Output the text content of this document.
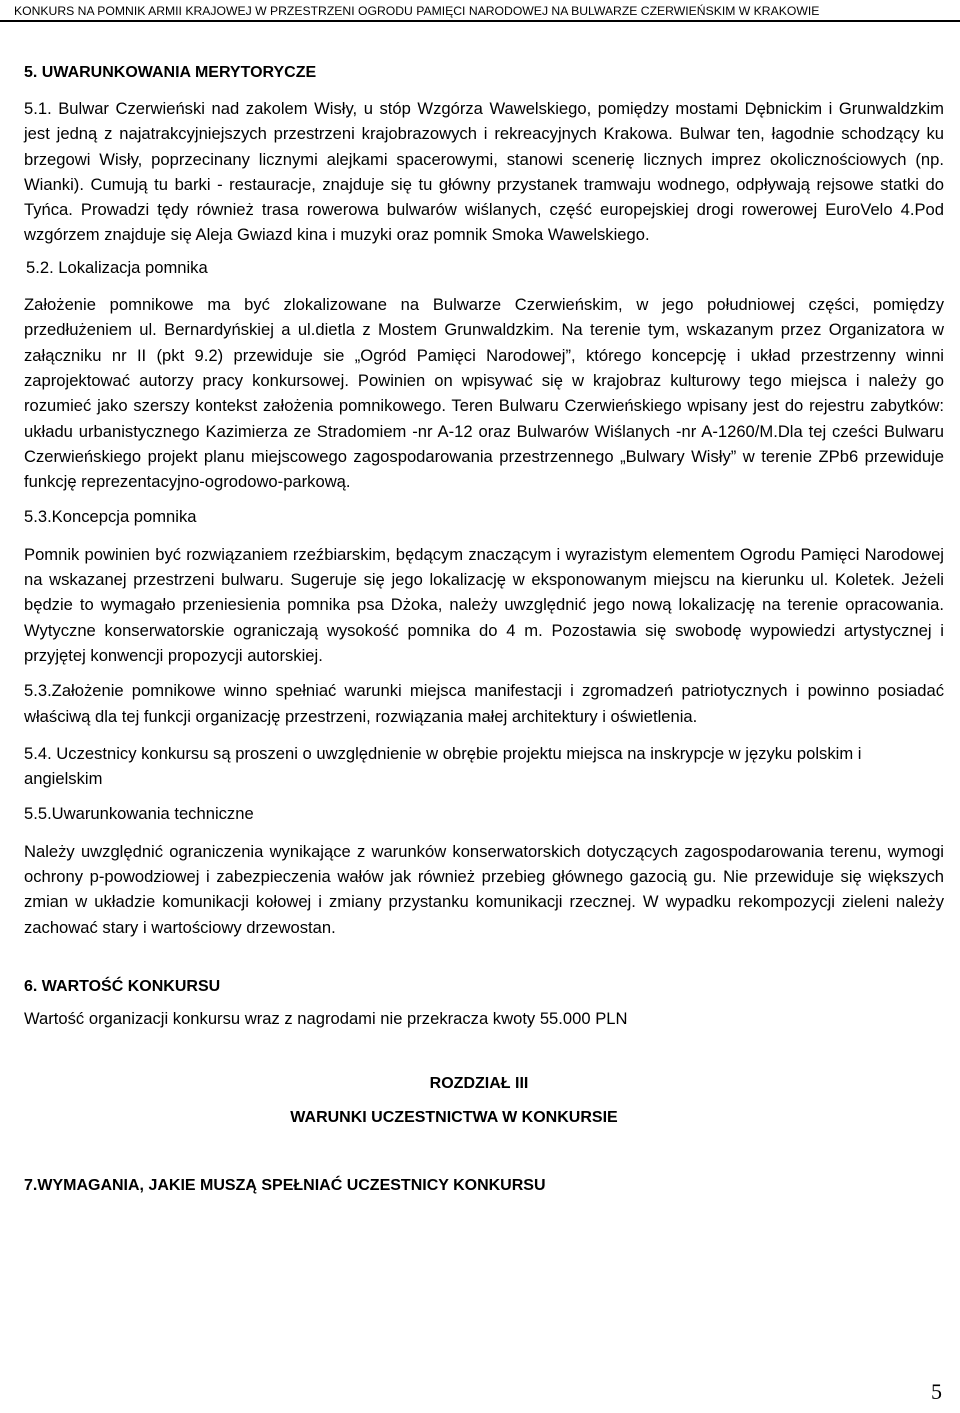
KONKURS NA POMNIK ARMII KRAJOWEJ W PRZESTRZENI OGRODU PAMIĘCI NARODOWEJ NA BULWARZE CZERWIEŃSKIM W KRAKOWIE
5. UWARUNKOWANIA MERYTORYCZE

5.1. Bulwar Czerwieński nad zakolem Wisły, u stóp Wzgórza Wawelskiego, pomiędzy mostami Dębnickim i Grunwaldzkim jest jedną z najatrakcyjniejszych przestrzeni krajobrazowych i rekreacyjnych Krakowa. Bulwar ten, łagodnie schodzący ku brzegowi Wisły, poprzecinany licznymi alejkami spacerowymi, stanowi scenerię licznych imprez okolicznościowych (np. Wianki). Cumują tu barki - restauracje, znajduje się tu główny przystanek tramwaju wodnego, odpływają rejsowe statki do Tyńca. Prowadzi tędy również trasa rowerowa bulwarów wiślanych, część europejskiej drogi rowerowej EuroVelo 4.Pod wzgórzem znajduje się Aleja Gwiazd kina i muzyki oraz pomnik Smoka Wawelskiego.

5.2. Lokalizacja pomnika

Założenie pomnikowe ma być zlokalizowane na Bulwarze Czerwieńskim, w jego południowej części, pomiędzy przedłużeniem ul. Bernardyńskiej a ul.dietla z Mostem Grunwaldzkim. Na terenie tym, wskazanym przez Organizatora w załączniku nr II (pkt 9.2) przewiduje sie „Ogród Pamięci Narodowej”, którego koncepcję i układ przestrzenny winni zaprojektować autorzy pracy konkursowej. Powinien on wpisywać się w krajobraz kulturowy tego miejsca i należy go rozumieć jako szerszy kontekst założenia pomnikowego. Teren Bulwaru Czerwieńskiego wpisany jest do rejestru zabytków: układu urbanistycznego Kazimierza ze Stradomiem -nr A-12 oraz Bulwarów Wiślanych -nr A-1260/M.Dla tej cześci Bulwaru Czerwieńskiego projekt planu miejscowego zagospodarowania przestrzennego „Bulwary Wisły” w terenie ZPb6 przewiduje funkcję reprezentacyjno-ogrodowo-parkową.

5.3.Koncepcja pomnika

Pomnik powinien być rozwiązaniem rzeźbiarskim, będącym znaczącym i wyrazistym elementem Ogrodu Pamięci Narodowej na wskazanej przestrzeni bulwaru. Sugeruje się jego lokalizację w eksponowanym miejscu na kierunku ul. Koletek. Jeżeli będzie to wymagało przeniesienia pomnika psa Dżoka, należy uwzględnić jego nową lokalizację na terenie opracowania. Wytyczne konserwatorskie ograniczają wysokość pomnika do 4 m. Pozostawia się swobodę wypowiedzi artystycznej i przyjętej konwencji propozycji autorskiej.

5.3.Założenie pomnikowe winno spełniać warunki miejsca manifestacji i zgromadzeń patriotycznych i powinno posiadać właściwą dla tej funkcji organizację przestrzeni, rozwiązania małej architektury i oświetlenia.

5.4. Uczestnicy konkursu są proszeni o uwzględnienie w obrębie projektu miejsca na inskrypcje w języku polskim i angielskim

5.5.Uwarunkowania techniczne

Należy uwzględnić ograniczenia wynikające z warunków konserwatorskich dotyczących zagospodarowania terenu, wymogi ochrony p-powodziowej i zabezpieczenia wałów jak również przebieg głównego gazocią gu. Nie przewiduje się większych zmian w układzie komunikacji kołowej i zmiany przystanku komunikacji rzecznej. W wypadku rekompozycji zieleni należy zachować stary i wartościowy drzewostan.

6. WARTOŚĆ KONKURSU
Wartość organizacji konkursu wraz z nagrodami nie przekracza kwoty 55.000 PLN
ROZDZIAŁ III
WARUNKI UCZESTNICTWA W KONKURSIE
7.WYMAGANIA, JAKIE MUSZĄ SPEŁNIAĆ UCZESTNICY KONKURSU
5
